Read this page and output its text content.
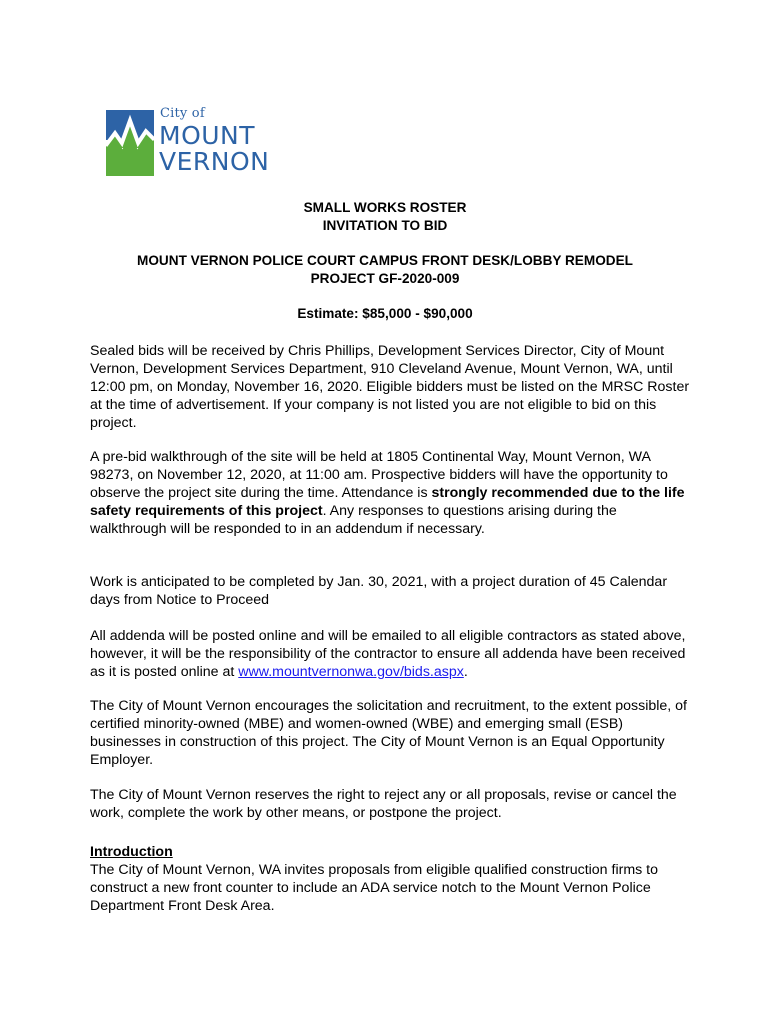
City of
MOUNT
VERNON
SMALL WORKS ROSTER
INVITATION TO BID
MOUNT VERNON POLICE COURT CAMPUS FRONT DESK/LOBBY REMODEL
PROJECT GF-2020-009
Estimate: $85,000 - $90,000

Sealed bids will be received by Chris Phillips, Development Services Director, City of Mount Vernon, Development Services Department, 910 Cleveland Avenue, Mount Vernon, WA, until 12:00 pm, on Monday, November 16, 2020. Eligible bidders must be listed on the MRSC Roster at the time of advertisement. If your company is not listed you are not eligible to bid on this project.

A pre-bid walkthrough of the site will be held at 1805 Continental Way, Mount Vernon, WA 98273, on November 12, 2020, at 11:00 am. Prospective bidders will have the opportunity to observe the project site during the time. Attendance is strongly recommended due to the life safety requirements of this project. Any responses to questions arising during the walkthrough will be responded to in an addendum if necessary.

Work is anticipated to be completed by Jan. 30, 2021, with a project duration of 45 Calendar days from Notice to Proceed

All addenda will be posted online and will be emailed to all eligible contractors as stated above, however, it will be the responsibility of the contractor to ensure all addenda have been received as it is posted online at www.mountvernonwa.gov/bids.aspx.

The City of Mount Vernon encourages the solicitation and recruitment, to the extent possible, of certified minority-owned (MBE) and women-owned (WBE) and emerging small (ESB) businesses in construction of this project. The City of Mount Vernon is an Equal Opportunity Employer.

The City of Mount Vernon reserves the right to reject any or all proposals, revise or cancel the work, complete the work by other means, or postpone the project.

Introduction

The City of Mount Vernon, WA invites proposals from eligible qualified construction firms to construct a new front counter to include an ADA service notch to the Mount Vernon Police Department Front Desk Area.
